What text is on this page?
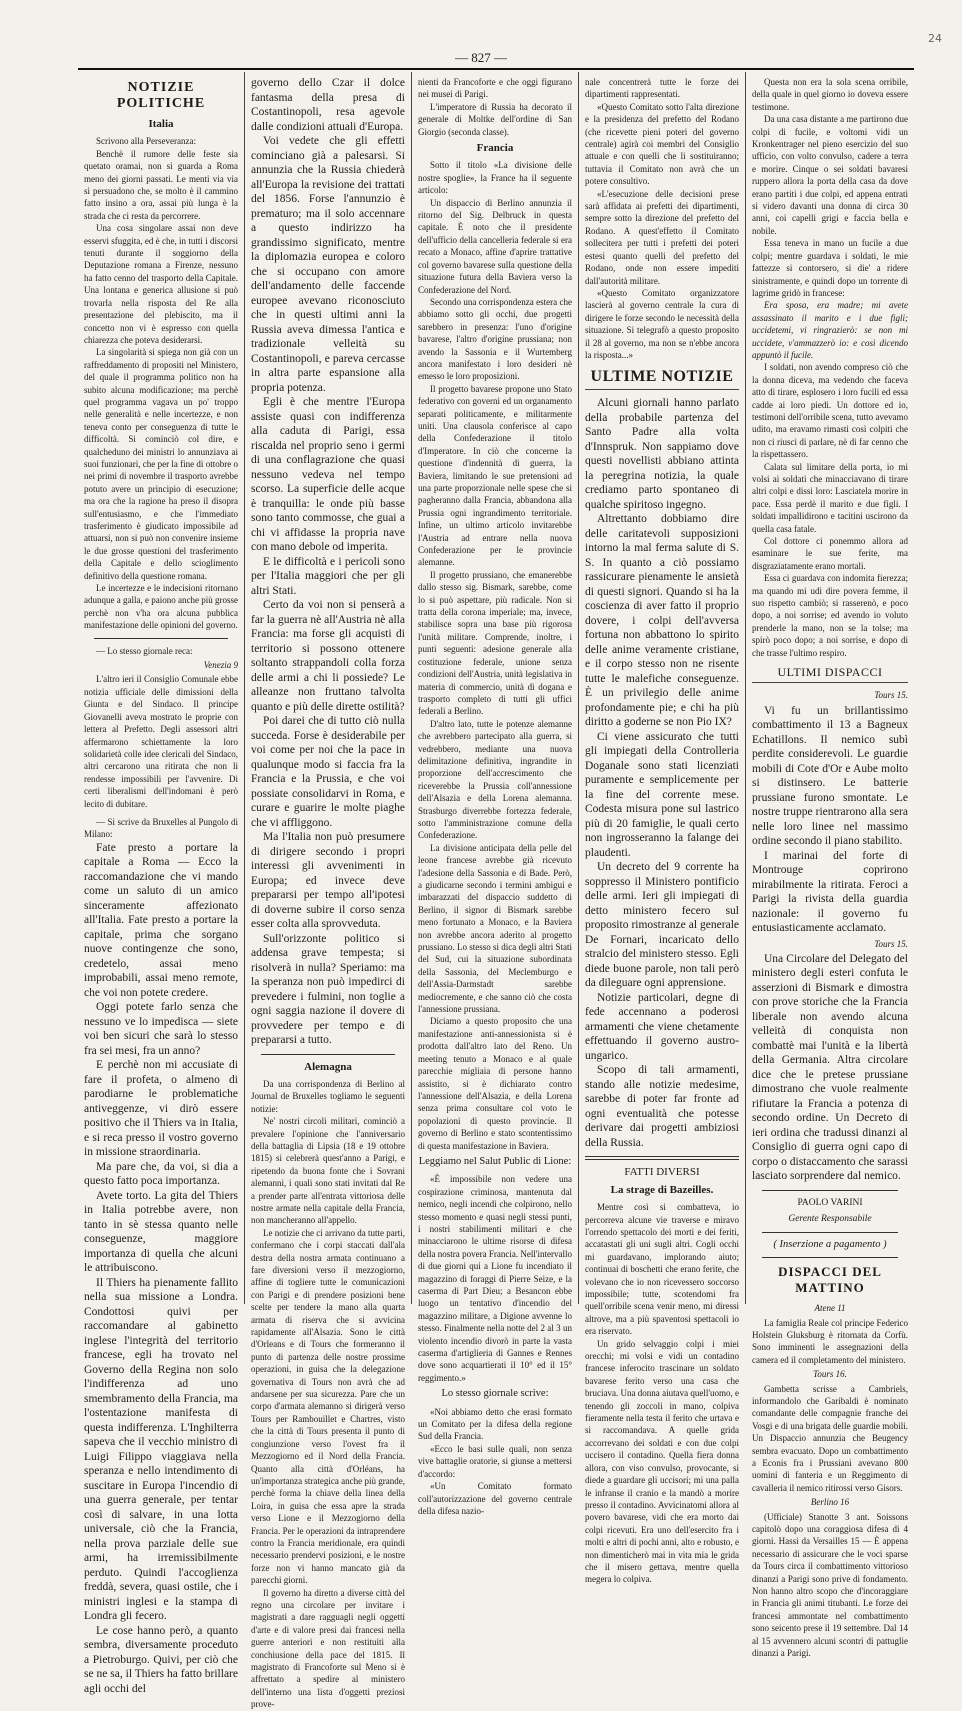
24
— 827 —
NOTIZIE POLITICHE
Italia

Scrivono alla Perseveranza:

Benchè il rumore delle feste sia quetato oramai, non si guarda a Roma meno dei giorni passati. Le menti via via si persuadono che, se molto è il cammino fatto insino a ora, assai più lunga è la strada che ci resta da percorrere.

Una cosa singolare assai non deve esservi sfuggita, ed è che, in tutti i discorsi tenuti durante il soggiorno della Deputazione romana a Firenze, nessuno ha fatto cenno del trasporto della Capitale. Una lontana e generica allusione si può trovarla nella risposta del Re alla presentazione del plebiscito, ma il concetto non vi è espresso con quella chiarezza che poteva desiderarsi.

La singolarità si spiega non già con un raffreddamento di propositi nel Ministero, del quale il programma politico non ha subito alcuna modificazione; ma perchè quel programma vagava un po' troppo nelle generalità e nelle incertezze, e non teneva conto per conseguenza di tutte le difficoltà. Si cominciò col dire, e qualcheduno dei ministri lo annunziava ai suoi funzionari, che per la fine di ottobre o nei primi di novembre il trasporto avrebbe potuto avere un principio di esecuzione; ma ora che la ragione ha preso il disopra sull'entusiasmo, e che l'immediato trasferimento è giudicato impossibile ad attuarsi, non si può non convenire insieme le due grosse questioni del trasferimento della Capitale e dello scioglimento definitivo della questione romana.

Le incertezze e le indecisioni ritornano adunque a galla, e paiono anche più grosse perchè non v'ha ora alcuna pubblica manifestazione delle opinioni del governo.

— Lo stesso giornale reca:

Venezia 9

L'altro ieri il Consiglio Comunale ebbe notizia ufficiale delle dimissioni della Giunta e del Sindaco. Il principe Giovanelli aveva mostrato le proprie con lettera al Prefetto. Degli assessori altri affermarono schiettamente la loro solidarietà colle idee clericali del Sindaco, altri cercarono una ritirata che non li rendesse impossibili per l'avvenire. Di certi liberalismi dell'indomani è però lecito di dubitare.

— Si scrive da Bruxelles al Pungolo di Milano:

Fate presto a portare la capitale a Roma — Ecco la raccomandazione che vi mando come un saluto di un amico sinceramente affezionato all'Italia. Fate presto a portare la capitale, prima che sorgano nuove contingenze che sono, credetelo, assai meno improbabili, assai meno remote, che voi non potete credere.

Oggi potete farlo senza che nessuno ve lo impedisca — siete voi ben sicuri che sarà lo stesso fra sei mesi, fra un anno?

E perchè non mi accusiate di fare il profeta, o almeno di parodiarne le problematiche antiveggenze, vi dirò essere positivo che il Thiers va in Italia, e si reca presso il vostro governo in missione straordinaria.

Ma pare che, da voi, si dia a questo fatto poca importanza.

Avete torto. La gita del Thiers in Italia potrebbe avere, non tanto in sè stessa quanto nelle conseguenze, maggiore importanza di quella che alcuni le attribuiscono.

Il Thiers ha pienamente fallito nella sua missione a Londra. Condottosi quivi per raccomandare al gabinetto inglese l'integrità del territorio francese, egli ha trovato nel Governo della Regina non solo l'indifferenza ad uno smembramento della Francia, ma l'ostentazione manifesta di questa indifferenza. L'Inghilterra sapeva che il vecchio ministro di Luigi Filippo viaggiava nella speranza e nello intendimento di suscitare in Europa l'incendio di una guerra generale, per tentar così di salvare, in una lotta universale, ciò che la Francia, nella prova parziale delle sue armi, ha irremissibilmente perduto. Quindi l'accoglienza freddà, severa, quasi ostile, che i ministri inglesi e la stampa di Londra gli fecero.

Le cose hanno però, a quanto sembra, diversamente proceduto a Pietroburgo. Quivi, per ciò che se ne sa, il Thiers ha fatto brillare agli occhi del

governo dello Czar il dolce fantasma della presa di Costantinopoli, resa agevole dalle condizioni attuali d'Europa.

Voi vedete che gli effetti cominciano già a palesarsi. Si annunzia che la Russia chiederà all'Europa la revisione dei trattati del 1856. Forse l'annunzio è prematuro; ma il solo accennare a questo indirizzo ha grandissimo significato, mentre la diplomazia europea e coloro che si occupano con amore dell'andamento delle faccende europee avevano riconosciuto che in questi ultimi anni la Russia aveva dimessa l'antica e tradizionale velleità su Costantinopoli, e pareva cercasse in altra parte espansione alla propria potenza.

Egli è che mentre l'Europa assiste quasi con indifferenza alla caduta di Parigi, essa riscalda nel proprio seno i germi di una conflagrazione che quasi nessuno vedeva nel tempo scorso. La superficie delle acque è tranquilla: le onde più basse sono tanto commosse, che guai a chi vi affidasse la propria nave con mano debole od imperita.

E le difficoltà e i pericoli sono per l'Italia maggiori che per gli altri Stati.

Certo da voi non si penserà a far la guerra nè all'Austria nè alla Francia: ma forse gli acquisti di territorio si possono ottenere soltanto strappandoli colla forza delle armi a chi li possiede? Le alleanze non fruttano talvolta quanto e più delle dirette ostilità?

Poi darei che di tutto ciò nulla succeda. Forse è desiderabile per voi come per noi che la pace in qualunque modo si faccia fra la Francia e la Prussia, e che voi possiate consolidarvi in Roma, e curare e guarire le molte piaghe che vi affliggono.

Ma l'Italia non può presumere di dirigere secondo i propri interessi gli avvenimenti in Europa; ed invece deve prepararsi per tempo all'ipotesi di doverne subire il corso senza esser colta alla sprovveduta.

Sull'orizzonte politico si addensa grave tempesta; si risolverà in nulla? Speriamo: ma la speranza non può impedirci di prevedere i fulmini, non toglie a ogni saggia nazione il dovere di provvedere per tempo e di prepararsi a tutto.

Alemagna

Da una corrispondenza di Berlino al Journal de Bruxelles togliamo le seguenti notizie:

Ne' nostri circoli militari, cominciò a prevalere l'opinione che l'anniversario della battaglia di Lipsia (18 e 19 ottobre 1815) si celebrerà quest'anno a Parigi, e ripetendo da buona fonte che i Sovrani alemanni, i quali sono stati invitati dal Re a prender parte all'entrata vittoriosa delle nostre armate nella capitale della Francia, non mancheranno all'appello.

Le notizie che ci arrivano da tutte parti, confermano che i corpi staccati dall'ala destra della nostra armata continuano a fare diversioni verso il mezzogiorno, affine di togliere tutte le comunicazioni con Parigi e di prendere posizioni bene scelte per tendere la mano alla quarta armata di riserva che si avvicina rapidamente all'Alsazia. Sono le città d'Orleans e di Tours che formeranno il punto di partenza delle nostre prossime operazioni, in guisa che la delegazione governativa di Tours non avrà che ad andarsene per sua sicurezza. Pare che un corpo d'armata alemanno si dirigerà verso Tours per Rambouillet e Chartres, visto che la città di Tours presenta il punto di congiunzione verso l'ovest fra il Mezzogiorno ed il Nord della Francia. Quanto alla città d'Orléans, ha un'importanza strategica anche più grande, perchè forma la chiave della linea della Loira, in guisa che essa apre la strada verso Lione e il Mezzogiorno della Francia. Per le operazioni da intraprendere contro la Francia meridionale, era quindi necessario prendervi posizioni, e le nostre forze non vi hanno mancato già da parecchi giorni.

Il governo ha diretto a diverse città del regno una circolare per invitare i magistrati a dare ragguagli negli oggetti d'arte e di valore presi dai francesi nella guerre anteriori e non restituiti alla conchiusione della pace del 1815. Il magistrato di Francoforte sul Meno si è affrettato a spedire al ministero dell'interno una lista d'oggetti preziosi prove-

nienti da Francoforte e che oggi figurano nei musei di Parigi.

L'imperatore di Russia ha decorato il generale di Moltke dell'ordine di San Giorgio (seconda classe).

Francia

Sotto il titolo «La divisione delle nostre spoglie», la France ha il seguente articolo:

Un dispaccio di Berlino annunzia il ritorno del Sig. Delbruck in questa capitale. È noto che il presidente dell'ufficio della cancelleria federale si era recato a Monaco, affine d'aprire trattative col governo bavarese sulla questione della situazione futura della Baviera verso la Confederazione del Nord.

Secondo una corrispondenza estera che abbiamo sotto gli occhi, due progetti sarebbero in presenza: l'uno d'origine bavarese, l'altro d'origine prussiana; non avendo la Sassonia e il Wurtemberg ancora manifestato i loro desideri nè emesso le loro proposizioni.

Il progetto bavarese propone uno Stato federativo con governi ed un organamento separati politicamente, e militarmente uniti. Una clausola conferisce al capo della Confederazione il titolo d'Imperatore. In ciò che concerne la questione d'indennità di guerra, la Baviera, limitando le sue pretensioni ad una parte proporzionale nelle spese che si pagheranno dalla Francia, abbandona alla Prussia ogni ingrandimento territoriale. Infine, un ultimo articolo invitarebbe l'Austria ad entrare nella nuova Confederazione per le provincie alemanne.

Il progetto prussiano, che emanerebbe dallo stesso sig. Bismark, sarebbe, come lo si può aspettare, più radicale. Non si tratta della corona imperiale; ma, invece, stabilisce sopra una base più rigorosa l'unità militare. Comprende, inoltre, i punti seguenti: adesione generale alla costituzione federale, unione senza condizioni dell'Austria, unità legislativa in materia di commercio, unità di dogana e trasporto completo di tutti gli uffici federali a Berlino.

D'altro lato, tutte le potenze alemanne che avrebbero partecipato alla guerra, si vedrebbero, mediante una nuova delimitazione definitiva, ingrandite in proporzione dell'accrescimento che riceverebbe la Prussia coll'annessione dell'Alsazia e della Lorena alemanna. Strasburgo diverrebbe fortezza federale, sotto l'amministrazione comune della Confederazione.

La divisione anticipata della pelle del leone francese avrebbe già ricevuto l'adesione della Sassonia e di Bade. Però, a giudicarne secondo i termini ambigui e imbarazzati del dispaccio suddetto di Berlino, il signor di Bismark sarebbe meno fortunato a Monaco, e la Baviera non avrebbe ancora aderito al progetto prussiano. Lo stesso si dica degli altri Stati del Sud, cui la situazione subordinata della Sassonia, del Meclemburgo e dell'Assia-Darmstadt sarebbe mediocremente, e che sanno ciò che costa l'annessione prussiana.

Diciamo a questo proposito che una manifestazione anti-annessionista si è prodotta dall'altro lato del Reno. Un meeting tenuto a Monaco e al quale parecchie migliaia di persone hanno assistito, si è dichiarato contro l'annessione dell'Alsazia, e della Lorena senza prima consultare col voto le popolazioni di questo provincie. Il governo di Berlino e stato scontentissimo di questa manifestazione in Baviera.

Leggiamo nel Salut Public di Lione:

«È impossibile non vedere una cospirazione criminosa, mantenuta dal nemico, negli incendi che colpirono, nello stesso momento e quasi negli stessi punti, i nostri stabilimenti militari e che minacciarono le ultime risorse di difesa della nostra povera Francia. Nell'intervallo di due giorni qui a Lione fu incendiato il magazzino di foraggi di Pierre Seize, e la caserma di Part Dieu; a Besancon ebbe luogo un tentativo d'incendio del magazzino militare, a Digione avvenne lo stesso. Finalmente nella notte del 2 al 3 un violento incendio divorò in parte la vasta caserma d'artiglieria di Gannes e Rennes dove sono acquartierati il 10° ed il 15° reggimento.»

Lo stesso giornale scrive:

«Noi abbiamo detto che erasi formato un Comitato per la difesa della regione Sud della Francia.

«Ecco le basi sulle quali, non senza vive battaglie oratorie, si giunse a mettersi d'accordo:

«Un Comitato formato coll'autorizzazione del governo centrale della difesa nazio-

nale concentrerà tutte le forze dei dipartimenti rappresentati.

«Questo Comitato sotto l'alta direzione e la presidenza del prefetto del Rodano (che ricevette pieni poteri del governo centrale) agirà coi membri del Consiglio attuale e con quelli che li sostituiranno; tuttavia il Comitato non avrà che un potere consultivo.

«L'esecuzione delle decisioni prese sarà affidata ai prefetti dei dipartimenti, sempre sotto la direzione del prefetto del Rodano. A quest'effetto il Comitato sollecitera per tutti i prefetti dei poteri estesi quanto quelli del prefetto del Rodano, onde non essere impediti dall'autorità militare.

«Questo Comitato organizzatore lascierà al governo centrale la cura di dirigere le forze secondo le necessità della situazione. Si telegrafò a questo proposito il 28 al governo, ma non se n'ebbe ancora la risposta...»

ULTIME NOTIZIE

Alcuni giornali hanno parlato della probabile partenza del Santo Padre alla volta d'Innspruk. Non sappiamo dove questi novellisti abbiano attinta la peregrina notizia, la quale crediamo parto spontaneo di qualche spiritoso ingegno.

Altrettanto dobbiamo dire delle caritatevoli supposizioni intorno la mal ferma salute di S. S. In quanto a ciò possiamo rassicurare pienamente le ansietà di questi signori. Quando si ha la coscienza di aver fatto il proprio dovere, i colpi dell'avversa fortuna non abbattono lo spirito delle anime veramente cristiane, e il corpo stesso non ne risente tutte le malefiche conseguenze. È un privilegio delle anime profondamente pie; e chi ha più diritto a goderne se non Pio IX?

Ci viene assicurato che tutti gli impiegati della Controlleria Doganale sono stati licenziati puramente e semplicemente per la fine del corrente mese. Codesta misura pone sul lastrico più di 20 famiglie, le quali certo non ingrosseranno la falange dei plaudenti.

Un decreto del 9 corrente ha soppresso il Ministero pontificio delle armi. Ieri gli impiegati di detto ministero fecero sul proposito rimostranze al generale De Fornari, incaricato dello stralcio del ministero stesso. Egli diede buone parole, non tali però da dileguare ogni apprensione.

Notizie particolari, degne di fede accennano a poderosi armamenti che viene chetamente effettuando il governo austro-ungarico.

Scopo di tali armamenti, stando alle notizie medesime, sarebbe di poter far fronte ad ogni eventualità che potesse derivare dai progetti ambiziosi della Russia.

FATTI DIVERSI
La strage di Bazeilles.

Mentre così si combatteva, io percorreva alcune vie traverse e miravo l'orrendo spettacolo dei morti e dei feriti, accatastati gli uni sugli altri. Cogli occhi mi guardavano, implorando aiuto; continuai di boschetti che erano ferite, che volevano che io non ricevessero soccorso impossibile; tutte, scotendomi fra quell'orribile scena venir meno, mi diressi altrove, ma a più spaventosi spettacoli io era riservato.

Un grido selvaggio colpì i miei orecchi; mi volsi e vidi un contadino francese inferocito trascinare un soldato bavarese ferito verso una casa che bruciava. Una donna aiutava quell'uomo, e tenendo gli zoccoli in mano, colpiva fieramente nella testa il ferito che urtava e si raccomandava. A quelle grida accorrevano dei soldati e con due colpi uccisero il contadino. Quella fiera donna allora, con viso convulso, provocante, si diede a guardare gli uccisori; mi una palla le infranse il cranio e la mandò a morire presso il contadino. Avvicinatomi allora al povero bavarese, vidi che era morto dai colpi ricevuti. Era uno dell'esercito fra i molti e altri di pochi anni, alto e robusto, e non dimenticherò mai in vita mia le grida che il misero gettava, mentre quella megera lo colpiva.

Questa non era la sola scena orribile, della quale in quel giorno io doveva essere testimone.

Da una casa distante a me partirono due colpi di fucile, e voltomi vidi un Kronkentrager nel pieno esercizio del suo ufficio, con volto convulso, cadere a terra e morire. Cinque o sei soldati bavaresi ruppero allora la porta della casa da dove erano partiti i due colpi, ed appena entrati si videro davanti una donna di circa 30 anni, coi capelli grigi e faccia bella e nobile.

Essa teneva in mano un fucile a due colpi; mentre guardava i soldati, le mie fattezze si contorsero, si die' a ridere sinistramente, e quindi dopo un torrente di lagrime gridò in francese:

Era sposa, era madre; mi avete assassinato il marito e i due figli; uccidetemi, vi ringrazierò: se non mi uccidete, v'ammazzerò io: e così dicendo appuntò il fucile.

I soldati, non avendo compreso ciò che la donna diceva, ma vedendo che faceva atto di tirare, esplosero i loro fucili ed essa cadde ai loro piedi. Un dottore ed io, testimoni dell'orribile scena, tutto avevamo udito, ma eravamo rimasti così colpiti che non ci riuscì di parlare, nè di far cenno che la rispettassero.

Calata sul limitare della porta, io mi volsi ai soldati che minacciavano di tirare altri colpi e dissi loro: Lasciatela morire in pace. Essa perdè il marito e due figli. I soldati impallidirono e tacitini uscirono da quella casa fatale.

Col dottore ci ponemmo allora ad esaminare le sue ferite, ma disgraziatamente erano mortali.

Essa ci guardava con indomita fierezza; ma quando mi udì dire povera femme, il suo rispetto cambiò; si rasserenò, e poco dopo, a noi sorrise; ed avendo io voluto prenderle la mano, non se la tolse; ma spirò poco dopo; a noi sorrise, e dopo di che trasse l'ultimo respiro.

ULTIMI DISPACCI
Tours 15.

Vi fu un brillantissimo combattimento il 13 a Bagneux Echatillons. Il nemico subì perdite considerevoli. Le guardie mobili di Cote d'Or e Aube molto si distinsero. Le batterie prussiane furono smontate. Le nostre truppe rientrarono alla sera nelle loro linee nel massimo ordine secondo il piano stabilito.

I marinai del forte di Montrouge coprirono mirabilmente la ritirata. Feroci a Parigi la rivista della guardia nazionale: il governo fu entusiasticamente acclamato.

Tours 15.

Una Circolare del Delegato del ministero degli esteri confuta le asserzioni di Bismark e dimostra con prove storiche che la Francia liberale non avendo alcuna velleità di conquista non combattè mai l'unità e la libertà della Germania. Altra circolare dice che le pretese prussiane dimostrano che vuole realmente rifiutare la Francia a potenza di secondo ordine. Un Decreto di ieri ordina che tradussi dinanzi al Consiglio di guerra ogni capo di corpo o distaccamento che sarassi lasciato sorprendere dal nemico.

PAOLO VARINI
Gerente Responsabile
( Inserzione a pagamento )
DISPACCI DEL MATTINO
Atene 11

La famiglia Reale col principe Federico Holstein Gluksburg è ritornata da Corfù. Sono imminenti le assegnazioni della camera ed il completamento del ministero.

Tours 16.

Gambetta scrisse a Cambriels, informandolo che Garibaldi è nominato comandante delle compagnie franche dei Vosgi e di una brigata delle guardie mobili. Un Dispaccio annunzia che Beugency sembra evacuato. Dopo un combattimento a Econis fra i Prussiani avevano 800 uomini di fanteria e un Reggimento di cavalleria il nemico ritirossi verso Gisors.

Berlino 16

(Ufficiale) Stanotte 3 ant. Soissons capitolò dopo una coraggiosa difesa di 4 giorni. Hassi da Versailles 15 — È appena necessario di assicurare che le voci sparse da Tours circa il combattimento vittorioso dinanzi a Parigi sono prive di fondamento. Non hanno altro scopo che d'incoraggiare in Francia gli animi titubanti. Le forze dei francesi ammontate nel combattimento sono seicento prese il 19 settembre. Dal 14 al 15 avvennero alcuni scontri di pattuglie dinanzi a Parigi.
